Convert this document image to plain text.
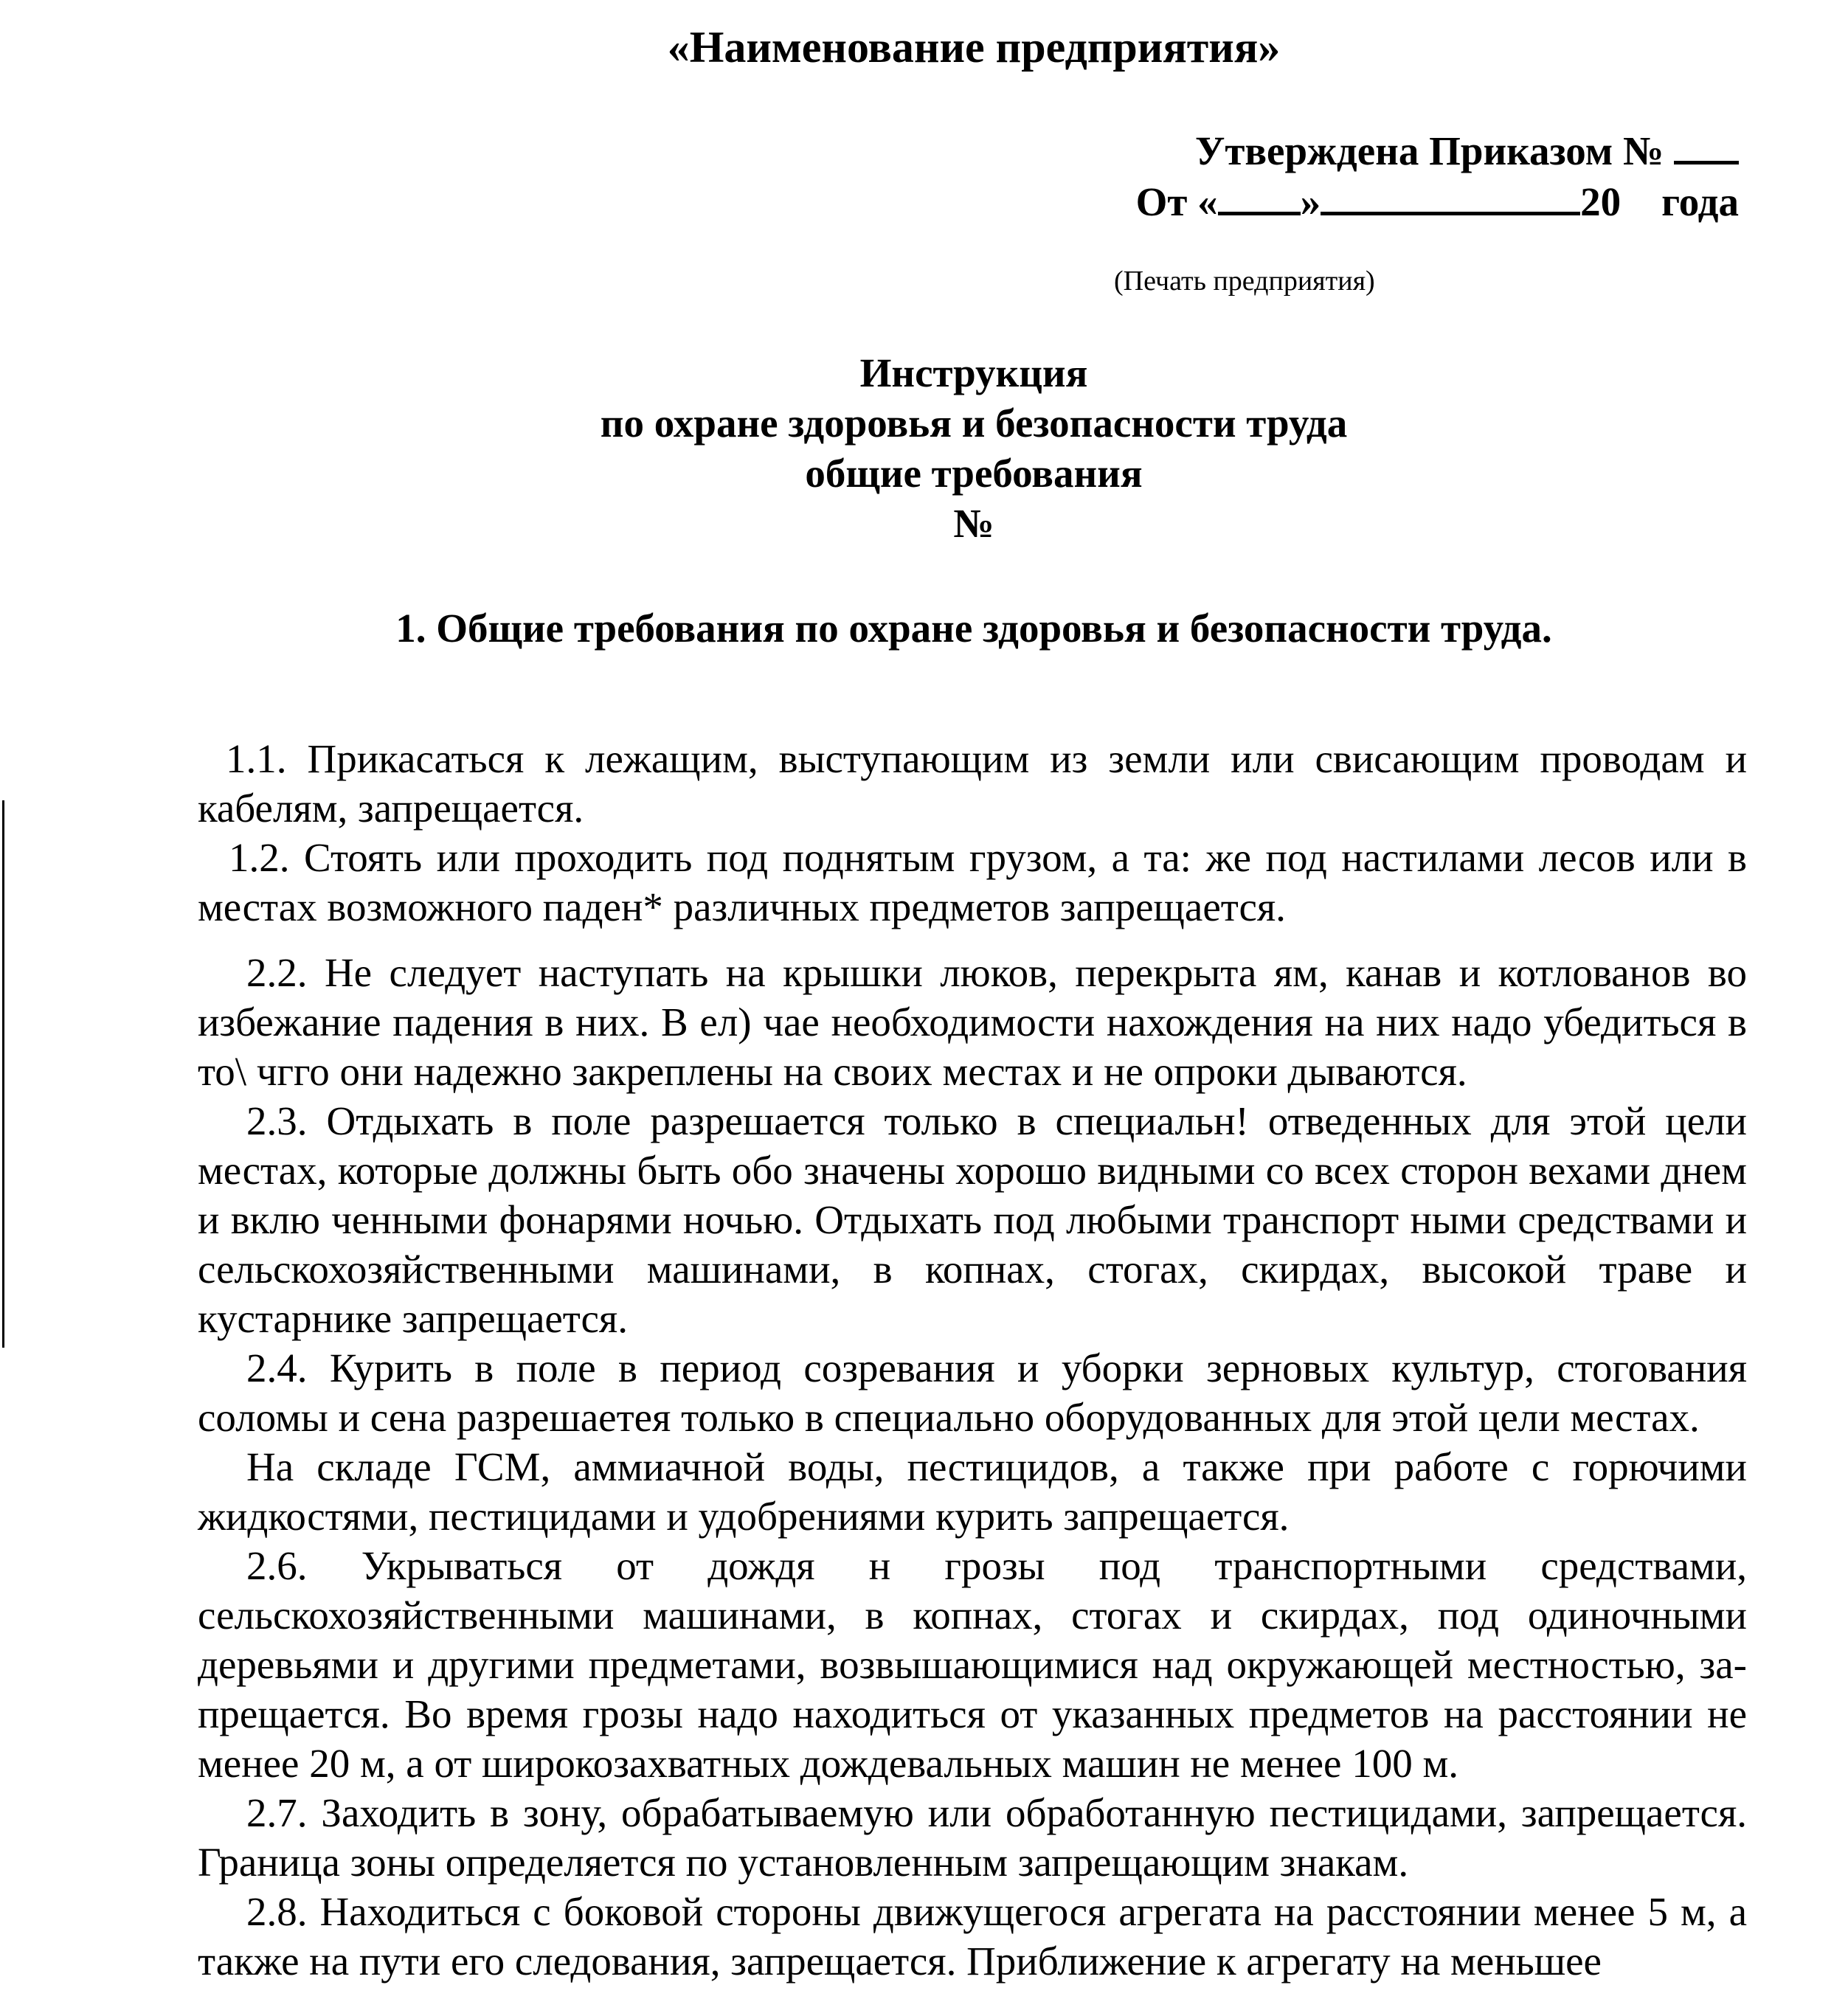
«Наименование предприятия»
Утверждена Приказом №
От « »	20 года
(Печать предприятия)
Инструкция
по охране здоровья и безопасности труда
общие требования
№
1. Общие требования по охране здоровья и безопасности труда.

1.1. Прикасаться к лежащим, выступающим из земли или свисающим проводам и кабелям, запрещается.

1.2. Стоять или проходить под поднятым грузом, а та: же под настилами лесов или в местах возможного паден* различных предметов запрещается.

2.2. Не следует наступать на крышки люков, перекрыта ям, канав и котлованов во избежание падения в них. В ел) чае необходимости нахождения на них надо убедиться в то\ чгго они надежно закреплены на своих местах и не опроки дываются.

2.3. Отдыхать в поле разрешается только в специальн! отведенных для этой цели местах, которые должны быть обо значены хорошо видными со всех сторон вехами днем и вклю ченными фонарями ночью. Отдыхать под любыми транспорт ными средствами и сельскохозяйственными машинами, в копнах, стогах, скирдах, высокой траве и кустарнике запрещается.

2.4. Курить в поле в период созревания и уборки зерновых культур, стогования соломы и сена разрешаетея только в специально оборудованных для этой цели местах.

На складе ГСМ, аммиачной воды, пестицидов, а также при работе с горючими жидкостями, пестицидами и удобрениями курить запрещается.

2.6. Укрываться от дождя н грозы под транспортными средствами, сельскохозяйственными машинами, в копнах, стогах и скирдах, под одиночными деревьями и другими предметами, возвышающимися над окружающей местностью, за-прещается. Во время грозы надо находиться от указанных предметов на расстоянии не менее 20 м, а от широкозахватных дождевальных машин не менее 100 м.

2.7. Заходить в зону, обрабатываемую или обработанную пестицидами, запрещается. Граница зоны определяется по установленным запрещающим знакам.

2.8. Находиться с боковой стороны движущегося агрегата на расстоянии менее 5 м, а также на пути его следования, запрещается. Приближение к агрегату на меньшее
